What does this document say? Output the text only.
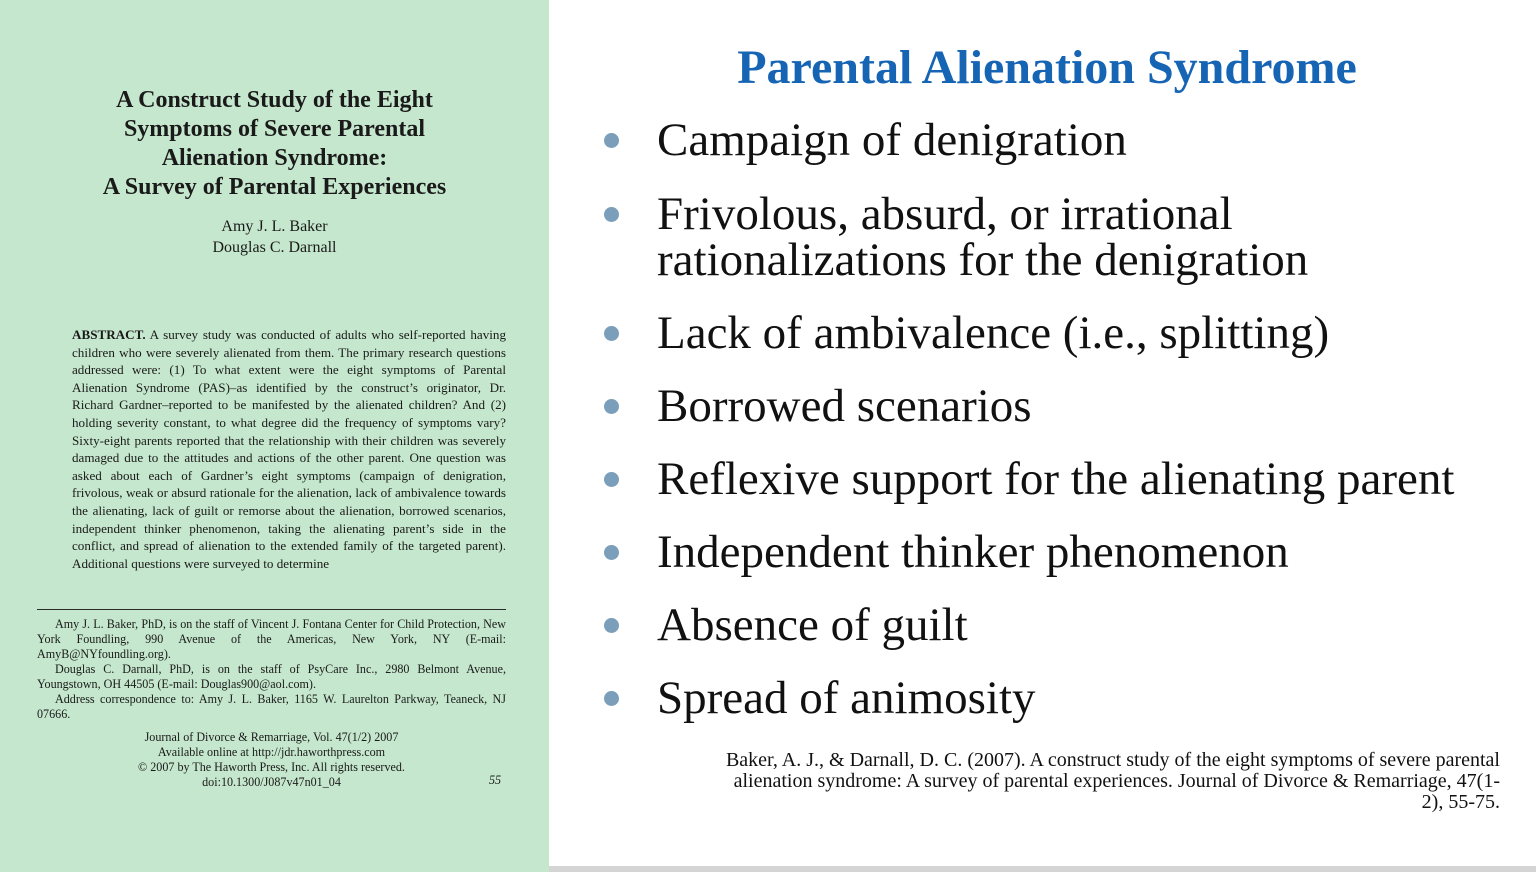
A Construct Study of the Eight
Symptoms of Severe Parental
Alienation Syndrome:
A Survey of Parental Experiences
Amy J. L. Baker
Douglas C. Darnall

ABSTRACT. A survey study was conducted of adults who self-reported having children who were severely alienated from them. The primary research questions addressed were: (1) To what extent were the eight symptoms of Parental Alienation Syndrome (PAS)–as identified by the construct’s originator, Dr. Richard Gardner–reported to be manifested by the alienated children? And (2) holding severity constant, to what degree did the frequency of symptoms vary? Sixty-eight parents reported that the relationship with their children was severely damaged due to the attitudes and actions of the other parent. One question was asked about each of Gardner’s eight symptoms (campaign of denigration, frivolous, weak or absurd rationale for the alienation, lack of ambivalence towards the alienating, lack of guilt or remorse about the alienation, borrowed scenarios, independent thinker phenomenon, taking the alienating parent’s side in the conflict, and spread of alienation to the extended family of the targeted parent). Additional questions were surveyed to determine

Amy J. L. Baker, PhD, is on the staff of Vincent J. Fontana Center for Child Protection, New York Foundling, 990 Avenue of the Americas, New York, NY (E-mail: AmyB@NYfoundling.org).

Douglas C. Darnall, PhD, is on the staff of PsyCare Inc., 2980 Belmont Avenue, Youngstown, OH 44505 (E-mail: Douglas900@aol.com).

Address correspondence to: Amy J. L. Baker, 1165 W. Laurelton Parkway, Teaneck, NJ 07666.

Journal of Divorce & Remarriage, Vol. 47(1/2) 2007
Available online at http://jdr.haworthpress.com
© 2007 by The Haworth Press, Inc. All rights reserved.
doi:10.1300/J087v47n01_04	55
Parental Alienation Syndrome
Campaign of denigration
Frivolous, absurd, or irrational
rationalizations for the denigration
Lack of ambivalence (i.e., splitting)
Borrowed scenarios
Reflexive support for the alienating parent
Independent thinker phenomenon
Absence of guilt
Spread of animosity
Baker, A. J., & Darnall, D. C. (2007). A construct study of the eight symptoms of severe parental
alienation syndrome: A survey of parental experiences. Journal of Divorce & Remarriage, 47(1-
2), 55-75.
